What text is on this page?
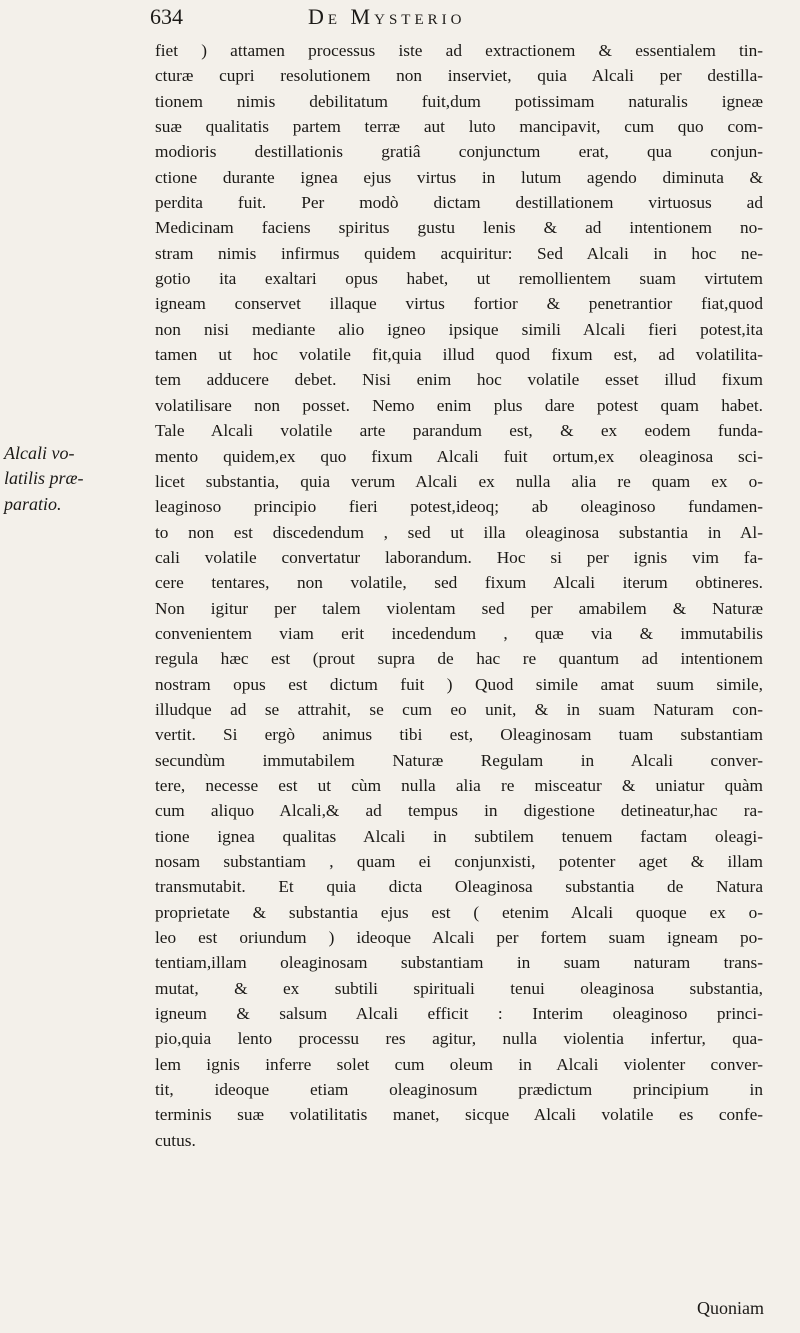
634	De Mysterio
Alcali vo-
latilis præ-
paratio.
fiet ) attamen processus iste ad extractionem & essentialem tin-
cturæ cupri resolutionem non inserviet, quia Alcali per destilla-
tionem nimis debilitatum fuit,dum potissimam naturalis igneæ
suæ qualitatis partem terræ aut luto mancipavit, cum quo com-
modioris destillationis gratiâ conjunctum erat, qua conjun-
ctione durante ignea ejus virtus in lutum agendo diminuta &
perdita fuit. Per modò dictam destillationem virtuosus ad
Medicinam faciens spiritus gustu lenis & ad intentionem no-
stram nimis infirmus quidem acquiritur: Sed Alcali in hoc ne-
gotio ita exaltari opus habet, ut remollientem suam virtutem
igneam conservet illaque virtus fortior & penetrantior fiat,quod
non nisi mediante alio igneo ipsique simili Alcali fieri potest,ita
tamen ut hoc volatile fit,quia illud quod fixum est, ad volatilita-
tem adducere debet. Nisi enim hoc volatile esset illud fixum
volatilisare non posset. Nemo enim plus dare potest quam habet.
Tale Alcali volatile arte parandum est, & ex eodem funda-
mento quidem,ex quo fixum Alcali fuit ortum,ex oleaginosa sci-
licet substantia, quia verum Alcali ex nulla alia re quam ex o-
leaginoso principio fieri potest,ideoq; ab oleaginoso fundamen-
to non est discedendum , sed ut illa oleaginosa substantia in Al-
cali volatile convertatur laborandum. Hoc si per ignis vim fa-
cere tentares, non volatile, sed fixum Alcali iterum obtineres.
Non igitur per talem violentam sed per amabilem & Naturæ
convenientem viam erit incedendum , quæ via & immutabilis
regula hæc est (prout supra de hac re quantum ad intentionem
nostram opus est dictum fuit ) Quod simile amat suum simile,
illudque ad se attrahit, se cum eo unit, & in suam Naturam con-
vertit. Si ergò animus tibi est, Oleaginosam tuam substantiam
secundùm immutabilem Naturæ Regulam in Alcali conver-
tere, necesse est ut cùm nulla alia re misceatur & uniatur quàm
cum aliquo Alcali,& ad tempus in digestione detineatur,hac ra-
tione ignea qualitas Alcali in subtilem tenuem factam oleagi-
nosam substantiam , quam ei conjunxisti, potenter aget & illam
transmutabit. Et quia dicta Oleaginosa substantia de Natura
proprietate & substantia ejus est ( etenim Alcali quoque ex o-
leo est oriundum ) ideoque Alcali per fortem suam igneam po-
tentiam,illam oleaginosam substantiam in suam naturam trans-
mutat, & ex subtili spirituali tenui oleaginosa substantia,
igneum & salsum Alcali efficit : Interim oleaginoso princi-
pio,quia lento processu res agitur, nulla violentia infertur, qua-
lem ignis inferre solet cum oleum in Alcali violenter conver-
tit, ideoque etiam oleaginosum prædictum principium in
terminis suæ volatilitatis manet, sicque Alcali volatile es confe-
cutus.
Quoniam
